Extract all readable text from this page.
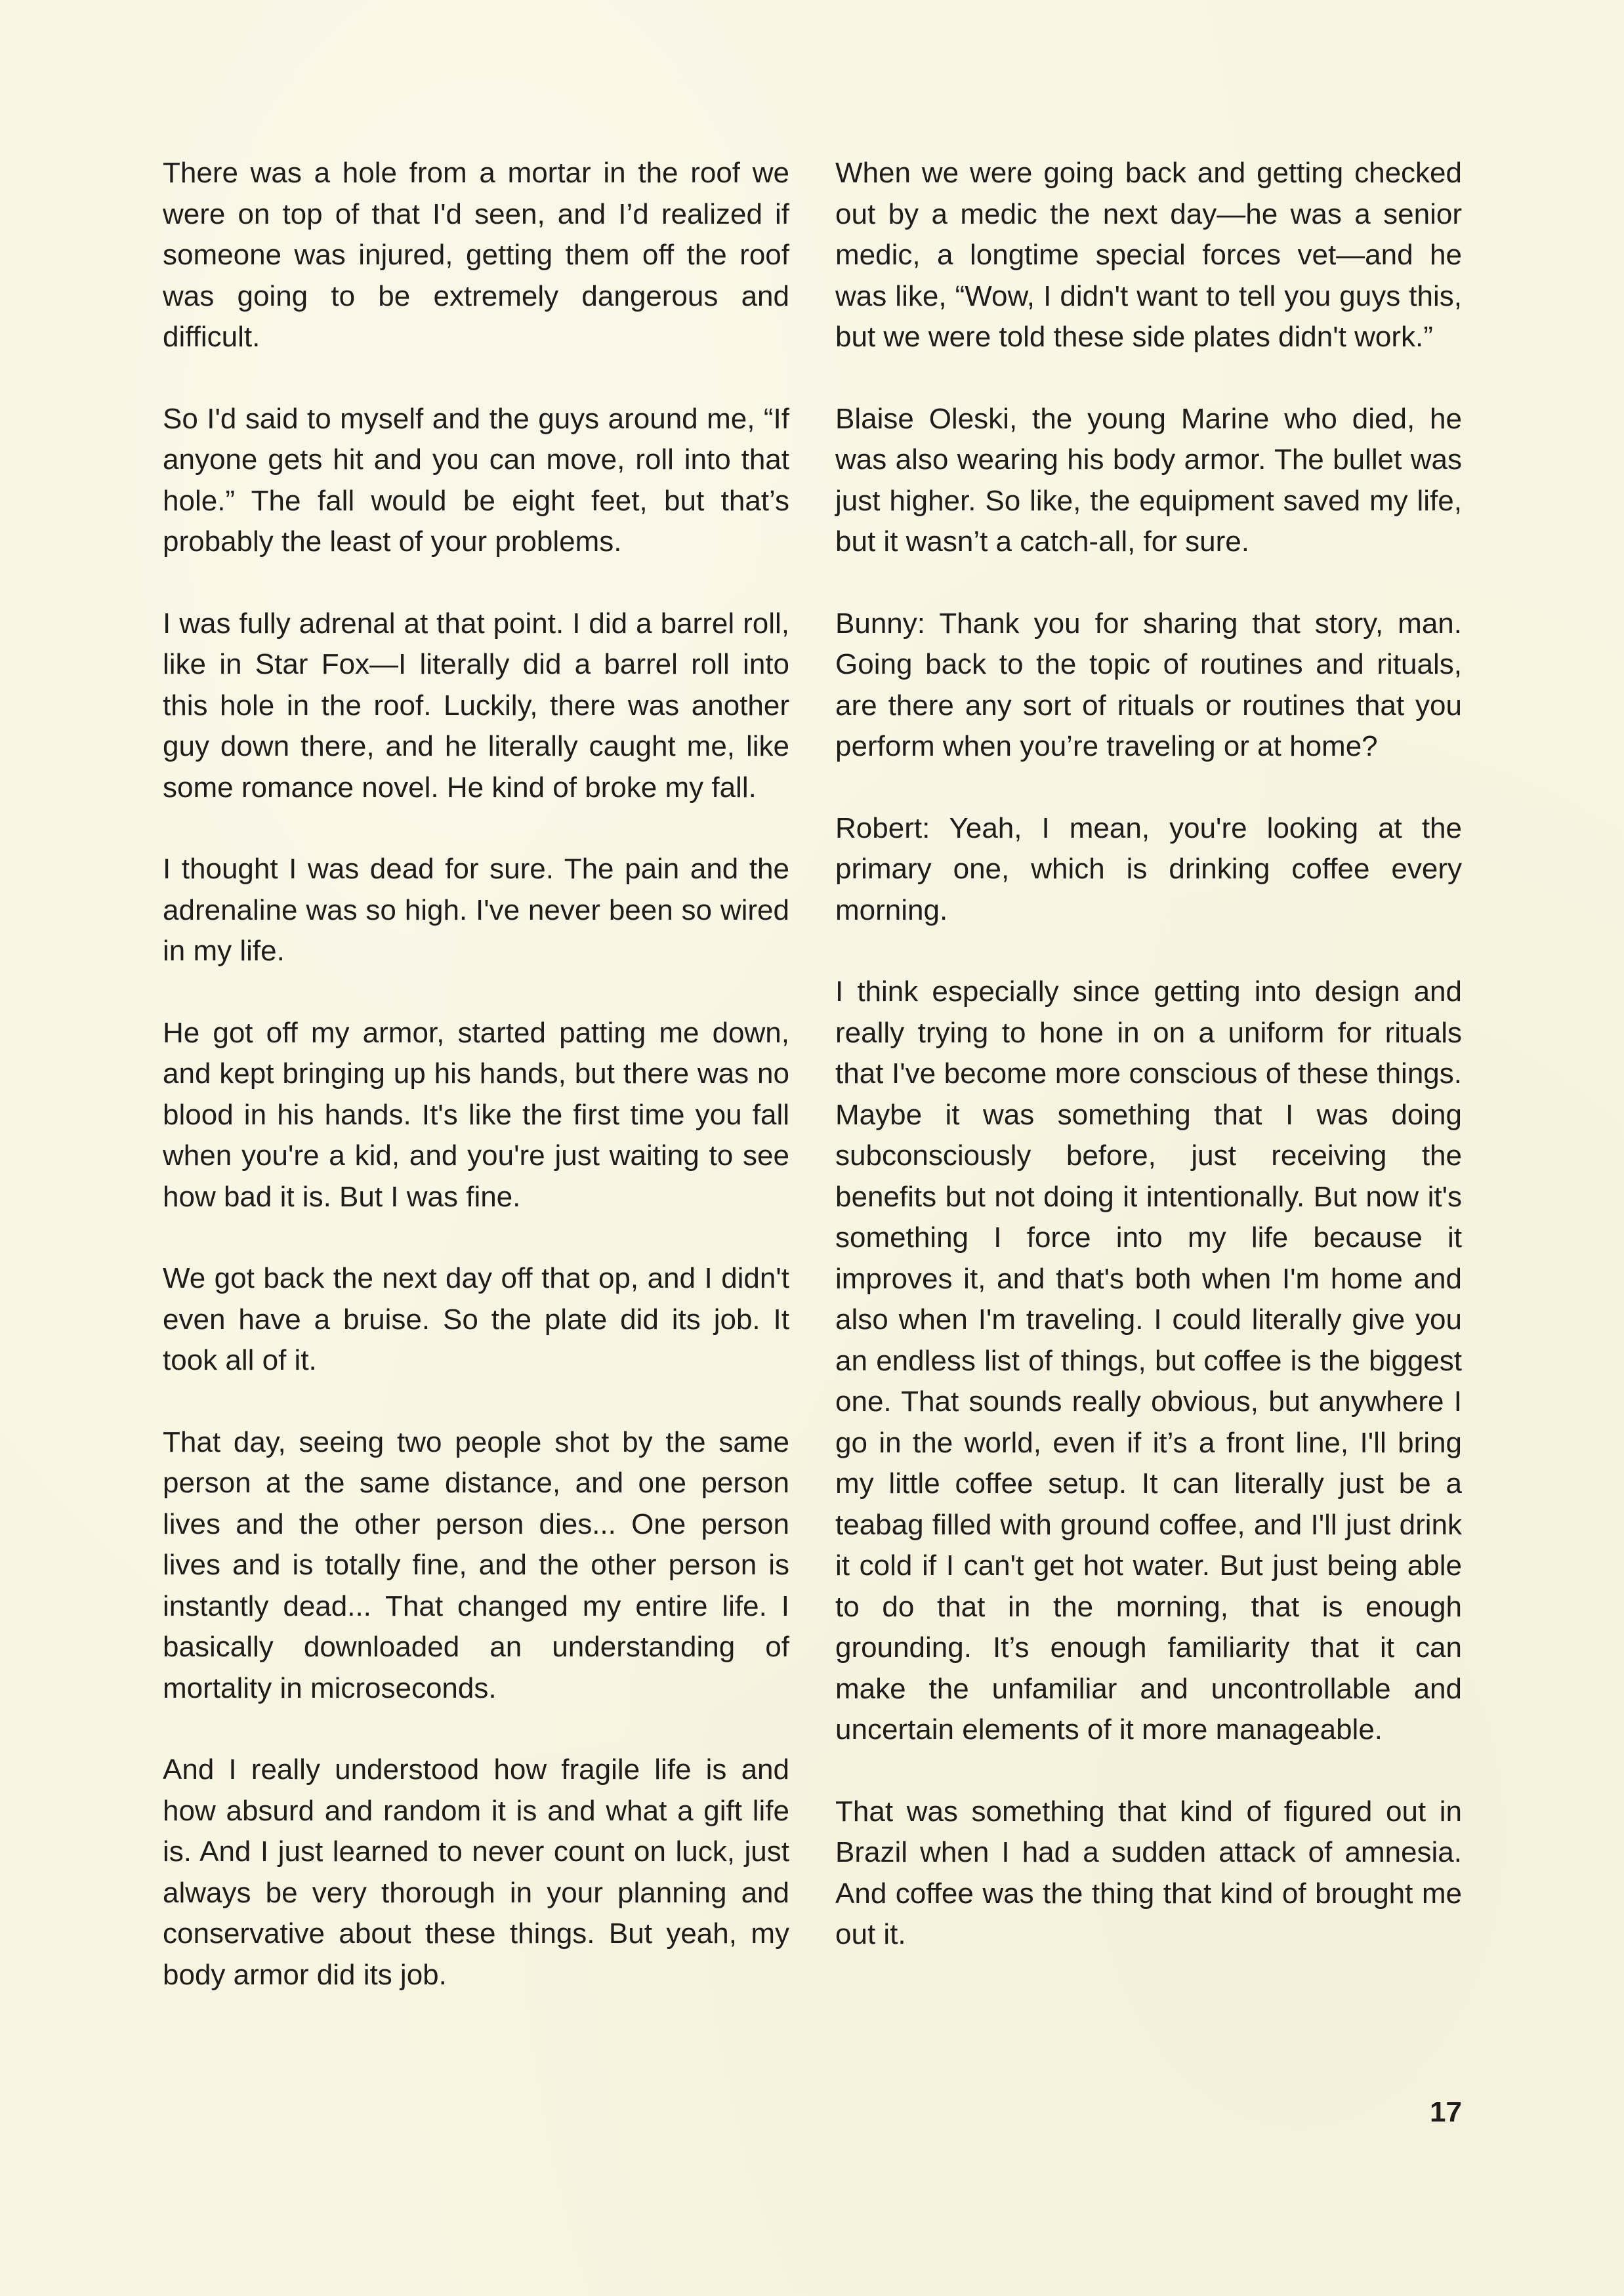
There was a hole from a mortar in the roof we were on top of that I'd seen, and I’d realized if someone was injured, getting them off the roof was going to be extremely dangerous and difficult.

So I'd said to myself and the guys around me, “If anyone gets hit and you can move, roll into that hole.” The fall would be eight feet, but that’s probably the least of your problems.

I was fully adrenal at that point. I did a barrel roll, like in Star Fox—I literally did a barrel roll into this hole in the roof. Luckily, there was another guy down there, and he literally caught me, like some romance novel. He kind of broke my fall.

I thought I was dead for sure. The pain and the adrenaline was so high. I've never been so wired in my life.

He got off my armor, started patting me down, and kept bringing up his hands, but there was no blood in his hands. It's like the first time you fall when you're a kid, and you're just waiting to see how bad it is. But I was fine.

We got back the next day off that op, and I didn't even have a bruise. So the plate did its job. It took all of it.

That day, seeing two people shot by the same person at the same distance, and one person lives and the other person dies... One person lives and is totally fine, and the other person is instantly dead... That changed my entire life. I basically downloaded an understanding of mortality in microseconds.

And I really understood how fragile life is and how absurd and random it is and what a gift life is. And I just learned to never count on luck, just always be very thorough in your planning and conservative about these things. But yeah, my body armor did its job.

When we were going back and getting checked out by a medic the next day—he was a senior medic, a longtime special forces vet—and he was like, “Wow, I didn't want to tell you guys this, but we were told these side plates didn't work.”

Blaise Oleski, the young Marine who died, he was also wearing his body armor. The bullet was just higher. So like, the equipment saved my life, but it wasn’t a catch-all, for sure.

Bunny: Thank you for sharing that story, man. Going back to the topic of routines and rituals, are there any sort of rituals or routines that you perform when you’re traveling or at home?

Robert: Yeah, I mean, you're looking at the primary one, which is drinking coffee every morning.

I think especially since getting into design and really trying to hone in on a uniform for rituals that I've become more conscious of these things. Maybe it was something that I was doing subconsciously before, just receiving the benefits but not doing it intentionally. But now it's something I force into my life because it improves it, and that's both when I'm home and also when I'm traveling. I could literally give you an endless list of things, but coffee is the biggest one. That sounds really obvious, but anywhere I go in the world, even if it’s a front line, I'll bring my little coffee setup. It can literally just be a teabag filled with ground coffee, and I'll just drink it cold if I can't get hot water. But just being able to do that in the morning, that is enough grounding. It’s enough familiarity that it can make the unfamiliar and uncontrollable and uncertain elements of it more manageable.

That was something that kind of figured out in Brazil when I had a sudden attack of amnesia. And coffee was the thing that kind of brought me out it.

17
